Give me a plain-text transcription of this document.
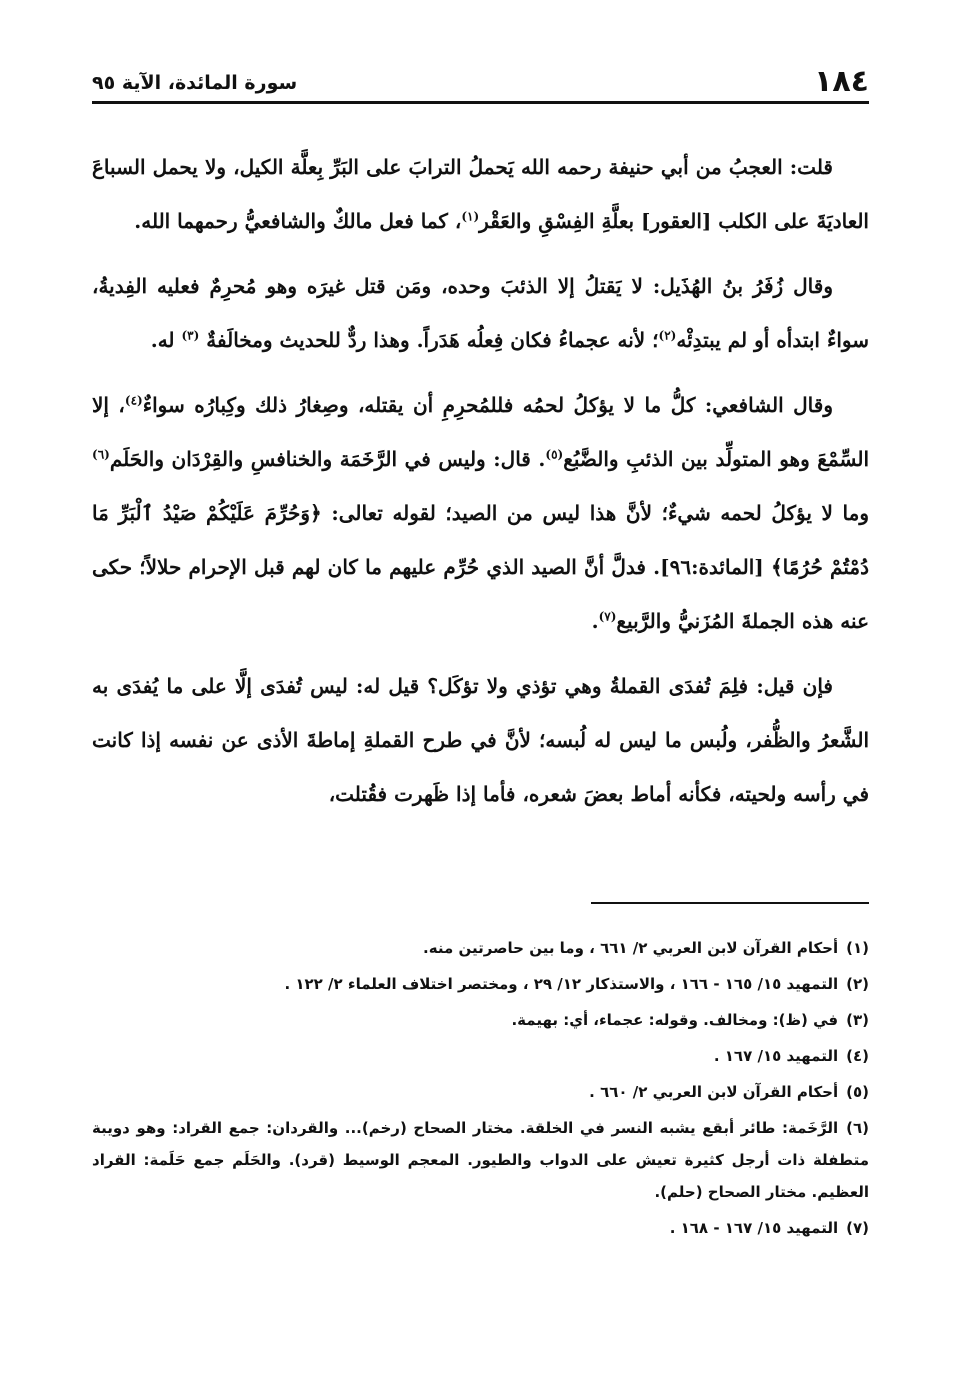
١٨٤
سورة المائدة، الآية ٩٥

قلت: العجبُ من أبي حنيفة رحمه الله يَحملُ الترابَ على البَرِّ بِعلَّة الكيل، ولا يحمل السباعَ العاديَةَ على الكلب [العقور] بعلَّةِ الفِسْقِ والعَقْر$^{(١)}$، كما فعل مالكٌ والشافعيُّ رحمهما الله.

وقال زُفَرُ بنُ الهُذَيل: لا يَقتلُ إلا الذئبَ وحده، ومَن قتل غيرَه وهو مُحرِمٌ فعليه الفِديةُ، سواءٌ ابتدأه أو لم يبتدِئْه$^{(٢)}$؛ لأنه عجماءُ فكان فِعلُه هَدَراً. وهذا ردٌّ للحديث ومخالَفةٌ $^{(٣)}$ له.

وقال الشافعي: كلُّ ما لا يؤكلُ لحمُه فللمُحرِمِ أن يقتله، وصِغارُ ذلك وكِبارُه سواءٌ$^{(٤)}$، إلا السِّمْعَ وهو المتولِّد بين الذئبِ والضَّبُع$^{(٥)}$. قال: وليس في الرَّخَمَة والخنافسِ والقِرْدَان والحَلَم$^{(٦)}$ وما لا يؤكلُ لحمه شيءٌ؛ لأنَّ هذا ليس من الصيد؛ لقوله تعالى: ﴿وَحُرِّمَ عَلَيْكُمْ صَيْدُ ٱلْبَرِّ مَا دُمْتُمْ حُرُمًا﴾ [المائدة:٩٦]. فدلَّ أنَّ الصيد الذي حُرِّم عليهم ما كان لهم قبل الإحرام حلالاً؛ حكى عنه هذه الجملةَ المُزَنيُّ والرَّبيع$^{(٧)}$.

فإن قيل: فلِمَ تُفدَى القملةُ وهي تؤذي ولا تؤكَل؟ قيل له: ليس تُفدَى إلَّا على ما يُفدَى به الشَّعرُ والظُّفر، ولُبس ما ليس له لُبسه؛ لأنَّ في طرح القملةِ إماطةَ الأذى عن نفسه إذا كانت في رأسه ولحيته، فكأنه أماط بعضَ شعره، فأما إذا ظَهرت فقُتلت،

(١)أحكام القرآن لابن العربي ٢/ ٦٦١ ، وما بين حاصرتين منه.
(٢)التمهيد ١٥/ ١٦٥ - ١٦٦ ، والاستذكار ١٢/ ٢٩ ، ومختصر اختلاف العلماء ٢/ ١٢٢ .
(٣)في (ظ): ومخالف. وقوله: عجماء، أي: بهيمة.
(٤)التمهيد ١٥/ ١٦٧ .
(٥)أحكام القرآن لابن العربي ٢/ ٦٦٠ .
(٦)الرَّخَمة: طائر أبقع يشبه النسر في الخلقة. مختار الصحاح (رخم)... والقردان: جمع القراد: وهو دويبة متطفلة ذات أرجل كثيرة تعيش على الدواب والطيور. المعجم الوسيط (قرد). والحَلَم جمع حَلَمة: القراد العظيم. مختار الصحاح (حلم).
(٧)التمهيد ١٥/ ١٦٧ - ١٦٨ .
